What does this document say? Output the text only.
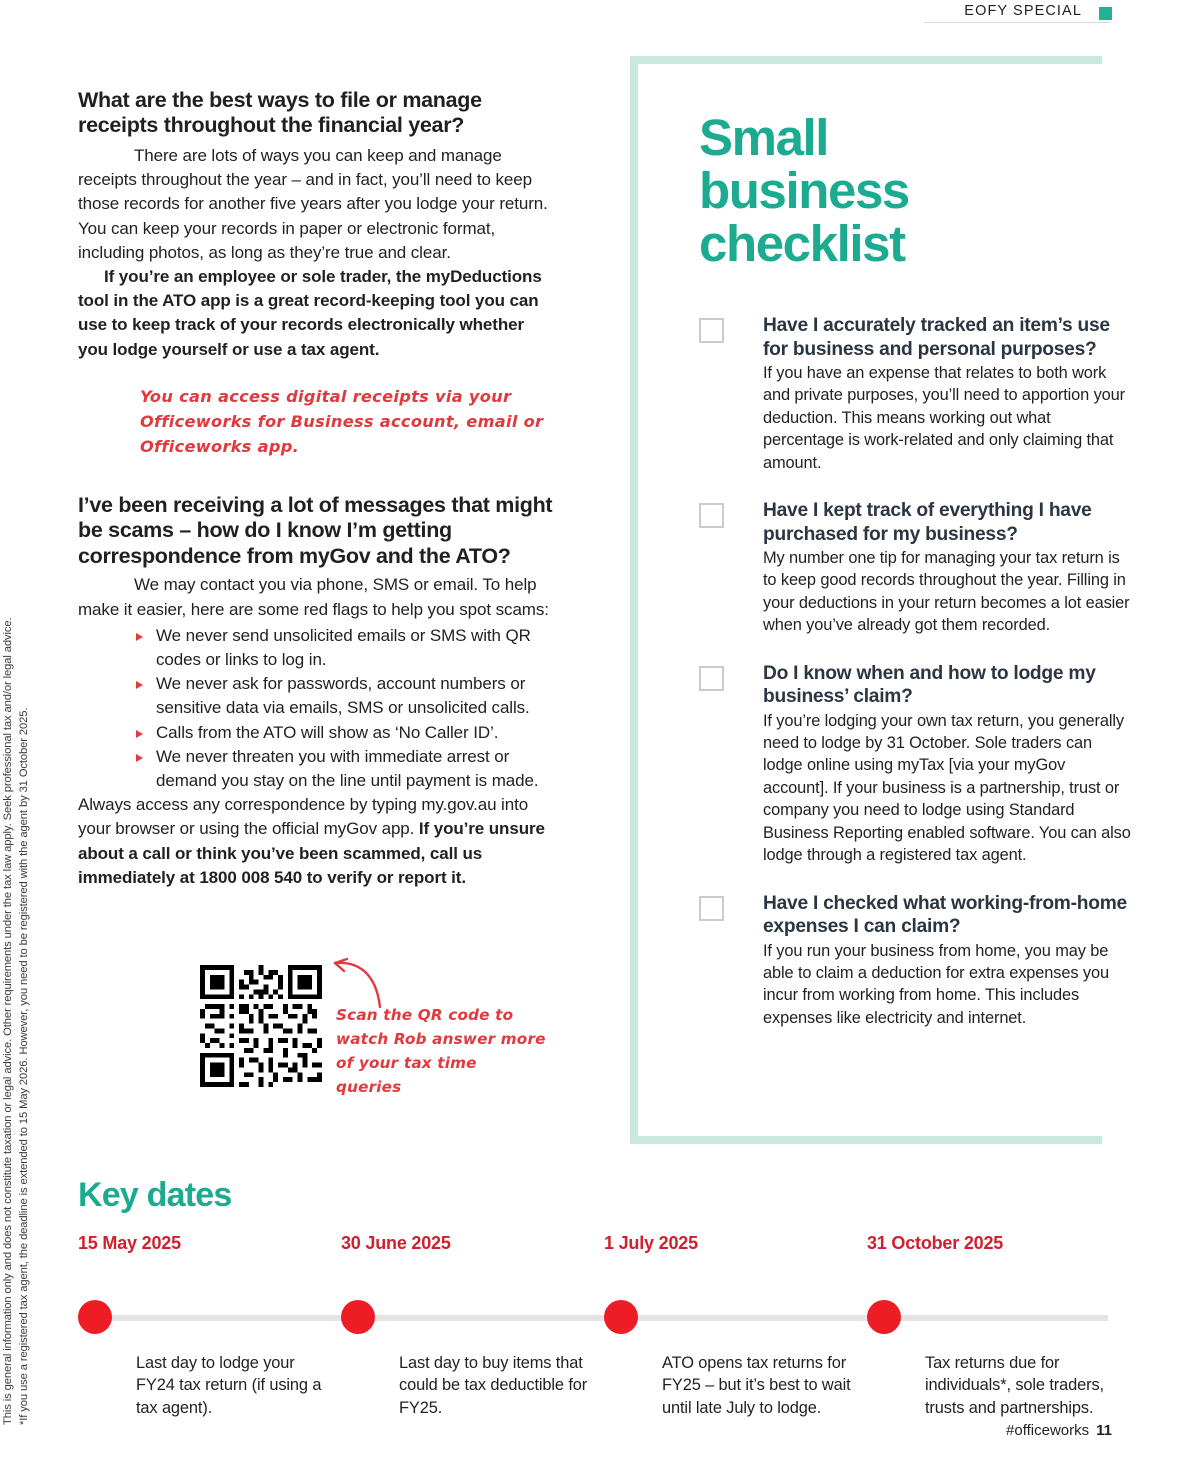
EOFY SPECIAL
This is general information only and does not constitute taxation or legal advice. Other requirements under the tax law apply. Seek professional tax and/or legal advice. *If you use a registered tax agent, the deadline is extended to 15 May 2026. However, you need to be registered with the agent by 31 October 2025.
What are the best ways to file or manage receipts throughout the financial year?

There are lots of ways you can keep and manage receipts throughout the year – and in fact, you’ll need to keep those records for another five years after you lodge your return. You can keep your records in paper or electronic format, including photos, as long as they’re true and clear.

If you’re an employee or sole trader, the myDeductions tool in the ATO app is a great record-keeping tool you can use to keep track of your records electronically whether you lodge yourself or use a tax agent.

You can access digital receipts via your Officeworks for Business account, email or Officeworks app.
I’ve been receiving a lot of messages that might be scams – how do I know I’m getting correspondence from myGov and the ATO?

We may contact you via phone, SMS or email. To help make it easier, here are some red flags to help you spot scams:

We never send unsolicited emails or SMS with QR codes or links to log in.
We never ask for passwords, account numbers or sensitive data via emails, SMS or unsolicited calls.
Calls from the ATO will show as ‘No Caller ID’.
We never threaten you with immediate arrest or demand you stay on the line until payment is made.

Always access any correspondence by typing my.gov.au into your browser or using the official myGov app. If you’re unsure about a call or think you’ve been scammed, call us immediately at 1800 008 540 to verify or report it.

Scan the QR code to watch Rob answer more of your tax time queries
Small business checklist

Have I accurately tracked an item’s use for business and personal purposes?

If you have an expense that relates to both work and private purposes, you’ll need to apportion your deduction. This means working out what percentage is work-related and only claiming that amount.

Have I kept track of everything I have purchased for my business?

My number one tip for managing your tax return is to keep good records throughout the year. Filling in your deductions in your return becomes a lot easier when you’ve already got them recorded.

Do I know when and how to lodge my business’ claim?

If you’re lodging your own tax return, you generally need to lodge by 31 October. Sole traders can lodge online using myTax [via your myGov account]. If your business is a partnership, trust or company you need to lodge using Standard Business Reporting enabled software. You can also lodge through a registered tax agent.

Have I checked what working-from-home expenses I can claim?

If you run your business from home, you may be able to claim a deduction for extra expenses you incur from working from home. This includes expenses like electricity and internet.

Key dates

15 May 2025

Last day to lodge your FY24 tax return (if using a tax agent).

30 June 2025

Last day to buy items that could be tax deductible for FY25.

1 July 2025

ATO opens tax returns for FY25 – but it’s best to wait until late July to lodge.

31 October 2025

Tax returns due for individuals*, sole traders, trusts and partnerships.

#officeworks 11
